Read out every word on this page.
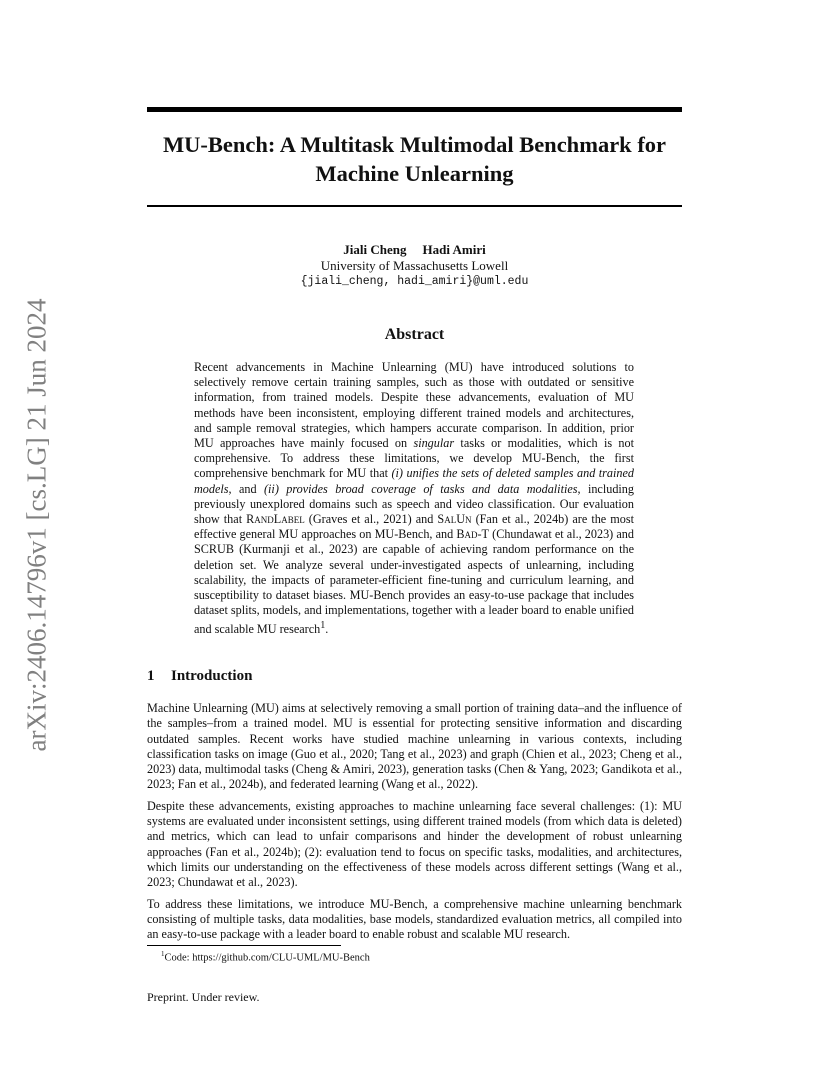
arXiv:2406.14796v1 [cs.LG] 21 Jun 2024
MU-Bench: A Multitask Multimodal Benchmark for
Machine Unlearning
Jiali Cheng Hadi Amiri
University of Massachusetts Lowell
{jiali_cheng, hadi_amiri}@uml.edu
Abstract

Recent advancements in Machine Unlearning (MU) have introduced solutions to selectively remove certain training samples, such as those with outdated or sensitive information, from trained models. Despite these advancements, evaluation of MU methods have been inconsistent, employing different trained models and architectures, and sample removal strategies, which hampers accurate comparison. In addition, prior MU approaches have mainly focused on singular tasks or modalities, which is not comprehensive. To address these limitations, we develop MU-Bench, the first comprehensive benchmark for MU that (i) unifies the sets of deleted samples and trained models, and (ii) provides broad coverage of tasks and data modalities, including previously unexplored domains such as speech and video classification. Our evaluation show that RandLabel (Graves et al., 2021) and SalUn (Fan et al., 2024b) are the most effective general MU approaches on MU-Bench, and Bad-T (Chundawat et al., 2023) and SCRUB (Kurmanji et al., 2023) are capable of achieving random performance on the deletion set. We analyze several under-investigated aspects of unlearning, including scalability, the impacts of parameter-efficient fine-tuning and curriculum learning, and susceptibility to dataset biases. MU-Bench provides an easy-to-use package that includes dataset splits, models, and implementations, together with a leader board to enable unified and scalable MU research$^1$.

1 Introduction

Machine Unlearning (MU) aims at selectively removing a small portion of training data–and the influence of the samples–from a trained model. MU is essential for protecting sensitive information and discarding outdated samples. Recent works have studied machine unlearning in various contexts, including classification tasks on image (Guo et al., 2020; Tang et al., 2023) and graph (Chien et al., 2023; Cheng et al., 2023) data, multimodal tasks (Cheng & Amiri, 2023), generation tasks (Chen & Yang, 2023; Gandikota et al., 2023; Fan et al., 2024b), and federated learning (Wang et al., 2022).

Despite these advancements, existing approaches to machine unlearning face several challenges: (1): MU systems are evaluated under inconsistent settings, using different trained models (from which data is deleted) and metrics, which can lead to unfair comparisons and hinder the development of robust unlearning approaches (Fan et al., 2024b); (2): evaluation tend to focus on specific tasks, modalities, and architectures, which limits our understanding on the effectiveness of these models across different settings (Wang et al., 2023; Chundawat et al., 2023).

To address these limitations, we introduce MU-Bench, a comprehensive machine unlearning benchmark consisting of multiple tasks, data modalities, base models, standardized evaluation metrics, all compiled into an easy-to-use package with a leader board to enable robust and scalable MU research.

$^1$Code: https://github.com/CLU-UML/MU-Bench
Preprint. Under review.
